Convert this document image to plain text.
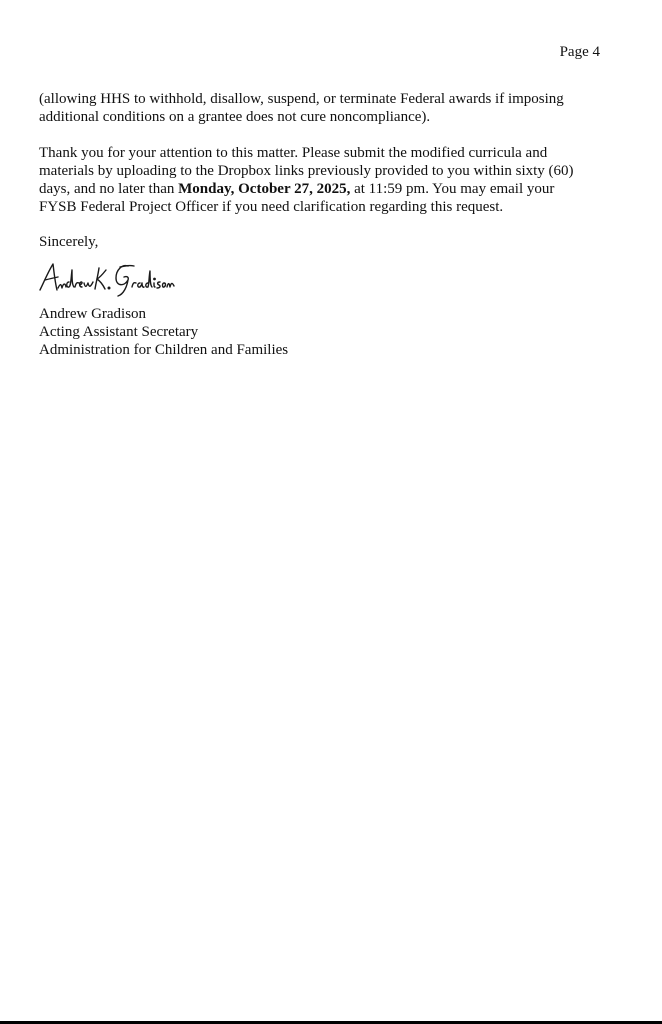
Page 4
(allowing HHS to withhold, disallow, suspend, or terminate Federal awards if imposing
additional conditions on a grantee does not cure noncompliance).
Thank you for your attention to this matter. Please submit the modified curricula and
materials by uploading to the Dropbox links previously provided to you within sixty (60)
days, and no later than Monday, October 27, 2025, at 11:59 pm. You may email your
FYSB Federal Project Officer if you need clarification regarding this request.
Sincerely,
Andrew Gradison
Acting Assistant Secretary
Administration for Children and Families
